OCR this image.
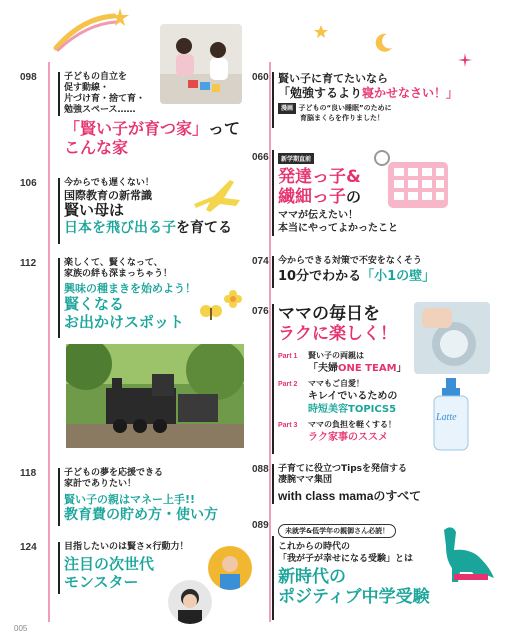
098	子どもの自立を
促す動線・
片づけ育・捨て育・
勉強スペース……
「賢い子が育つ家」って
こんな家
106	今からでも遅くない！
国際教育の新常識
賢い母は
日本を飛び出る子を育てる
112	楽しくて、賢くなって、
家族の絆も深まっちゃう！
興味の種まきを始めよう！
賢くなる
お出かけスポット
118	子どもの夢を応援できる
家計でありたい！
賢い子の親はマネー上手!!
教育費の貯め方・使い方
124	目指したいのは賢さ×行動力！
注目の次世代
モンスター
060 賢い子に育てたいなら
「勉強するより寝かせなさい！」
漫画 子どもの“良い睡眠”のために
育脳まくらを作りました！
066	新学期直前
発達っ子&
繊細っ子の
ママが伝えたい！
本当にやってよかったこと
074 今からできる対策で不安をなくそう
10分でわかる「小1の壁」
076 ママの毎日を
ラクに楽しく！
Part 1 賢い子の両親は
「夫婦ONE TEAM」
Part 2 ママもご自愛！
キレイでいるための
時短美容TOPICS5
Part 3 ママの負担を軽くする！
ラク家事のススメ
Latte
088 子育てに役立つTipsを発信する
凄腕ママ集団
with class mamaのすべて
089	未就学&低学年の親御さん必読！
これからの時代の
「我が子が幸せになる受験」とは
新時代の
ポジティブ中学受験
005
